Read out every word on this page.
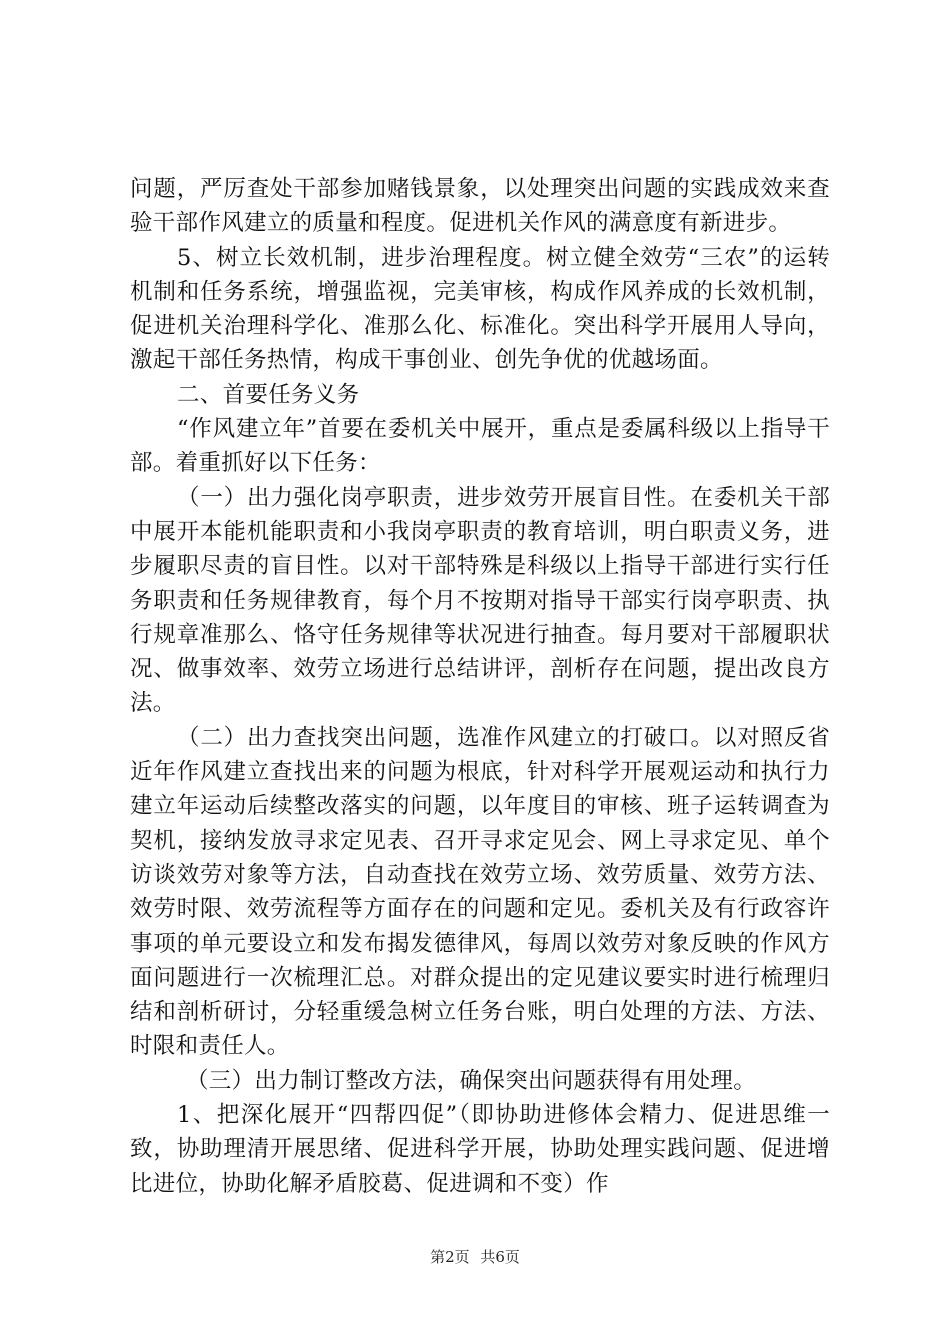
问题，严厉查处干部参加赌钱景象，以处理突出问题的实践成效来查验干部作风建立的质量和程度。促进机关作风的满意度有新进步。

5、树立长效机制，进步治理程度。树立健全效劳“三农”的运转机制和任务系统，增强监视，完美审核，构成作风养成的长效机制，促进机关治理科学化、准那么化、标准化。突出科学开展用人导向，激起干部任务热情，构成干事创业、创先争优的优越场面。

二、首要任务义务

“作风建立年”首要在委机关中展开，重点是委属科级以上指导干部。着重抓好以下任务：

（一）出力强化岗亭职责，进步效劳开展盲目性。在委机关干部中展开本能机能职责和小我岗亭职责的教育培训，明白职责义务，进步履职尽责的盲目性。以对干部特殊是科级以上指导干部进行实行任务职责和任务规律教育，每个月不按期对指导干部实行岗亭职责、执行规章准那么、恪守任务规律等状况进行抽查。每月要对干部履职状况、做事效率、效劳立场进行总结讲评，剖析存在问题，提出改良方法。

（二）出力查找突出问题，选准作风建立的打破口。以对照反省近年作风建立查找出来的问题为根底，针对科学开展观运动和执行力建立年运动后续整改落实的问题，以年度目的审核、班子运转调查为契机，接纳发放寻求定见表、召开寻求定见会、网上寻求定见、单个访谈效劳对象等方法，自动查找在效劳立场、效劳质量、效劳方法、效劳时限、效劳流程等方面存在的问题和定见。委机关及有行政容许事项的单元要设立和发布揭发德律风，每周以效劳对象反映的作风方面问题进行一次梳理汇总。对群众提出的定见建议要实时进行梳理归结和剖析研讨，分轻重缓急树立任务台账，明白处理的方法、方法、时限和责任人。

（三）出力制订整改方法，确保突出问题获得有用处理。

1、把深化展开“四帮四促”（即协助进修体会精力、促进思维一致，协助理清开展思绪、促进科学开展，协助处理实践问题、促进增比进位，协助化解矛盾胶葛、促进调和不变）作

第2页 共6页
